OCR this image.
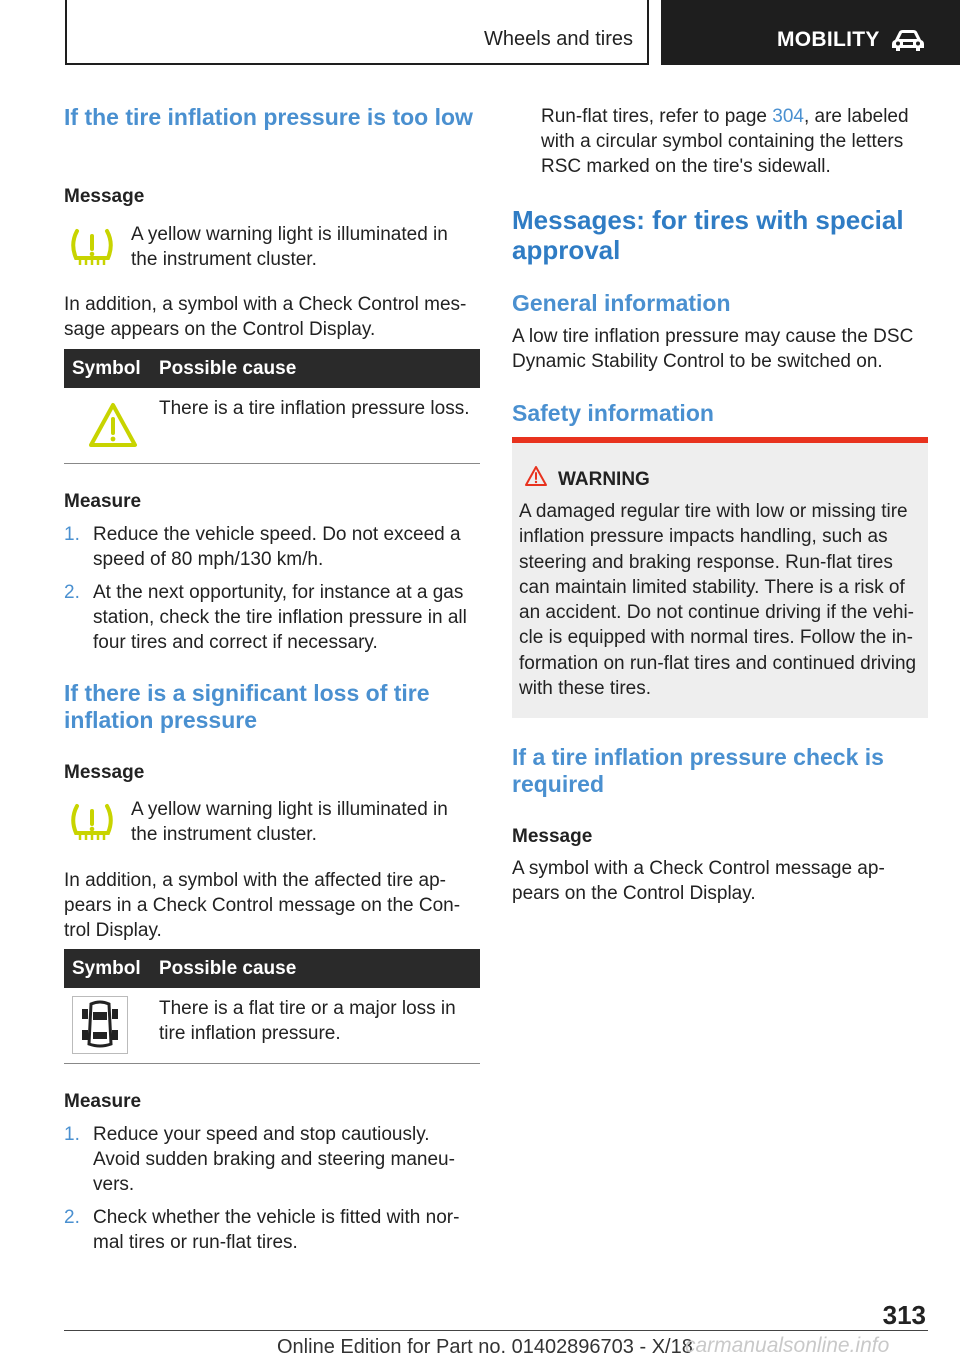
Wheels and tires	MOBILITY
If the tire inflation pressure is too low
Message
A yellow warning light is illuminated in the instrument cluster.
In addition, a symbol with a Check Control mes-sage appears on the Control Display.
Symbol Possible cause
There is a tire inflation pressure loss.
Measure
1. Reduce the vehicle speed. Do not exceed a speed of 80 mph/130 km/h.
2. At the next opportunity, for instance at a gas station, check the tire inflation pressure in all four tires and correct if necessary.
If there is a significant loss of tire inflation pressure
Message
A yellow warning light is illuminated in the instrument cluster.
In addition, a symbol with the affected tire ap-pears in a Check Control message on the Con-trol Display.
Symbol Possible cause
There is a flat tire or a major loss in tire inflation pressure.
Measure
1. Reduce your speed and stop cautiously. Avoid sudden braking and steering maneu-vers.
2. Check whether the vehicle is fitted with nor-mal tires or run-flat tires.
Run-flat tires, refer to page 304, are labeled with a circular symbol containing the letters RSC marked on the tire's sidewall.
Messages: for tires with special approval
General information
A low tire inflation pressure may cause the DSC Dynamic Stability Control to be switched on.
Safety information
WARNING
A damaged regular tire with low or missing tire inflation pressure impacts handling, such as steering and braking response. Run-flat tires can maintain limited stability. There is a risk of an accident. Do not continue driving if the vehi-cle is equipped with normal tires. Follow the in-formation on run-flat tires and continued driving with these tires.
If a tire inflation pressure check is required
Message
A symbol with a Check Control message ap-pears on the Control Display.
313
Online Edition for Part no. 01402896703 - X/18
carmanualsonline.info
